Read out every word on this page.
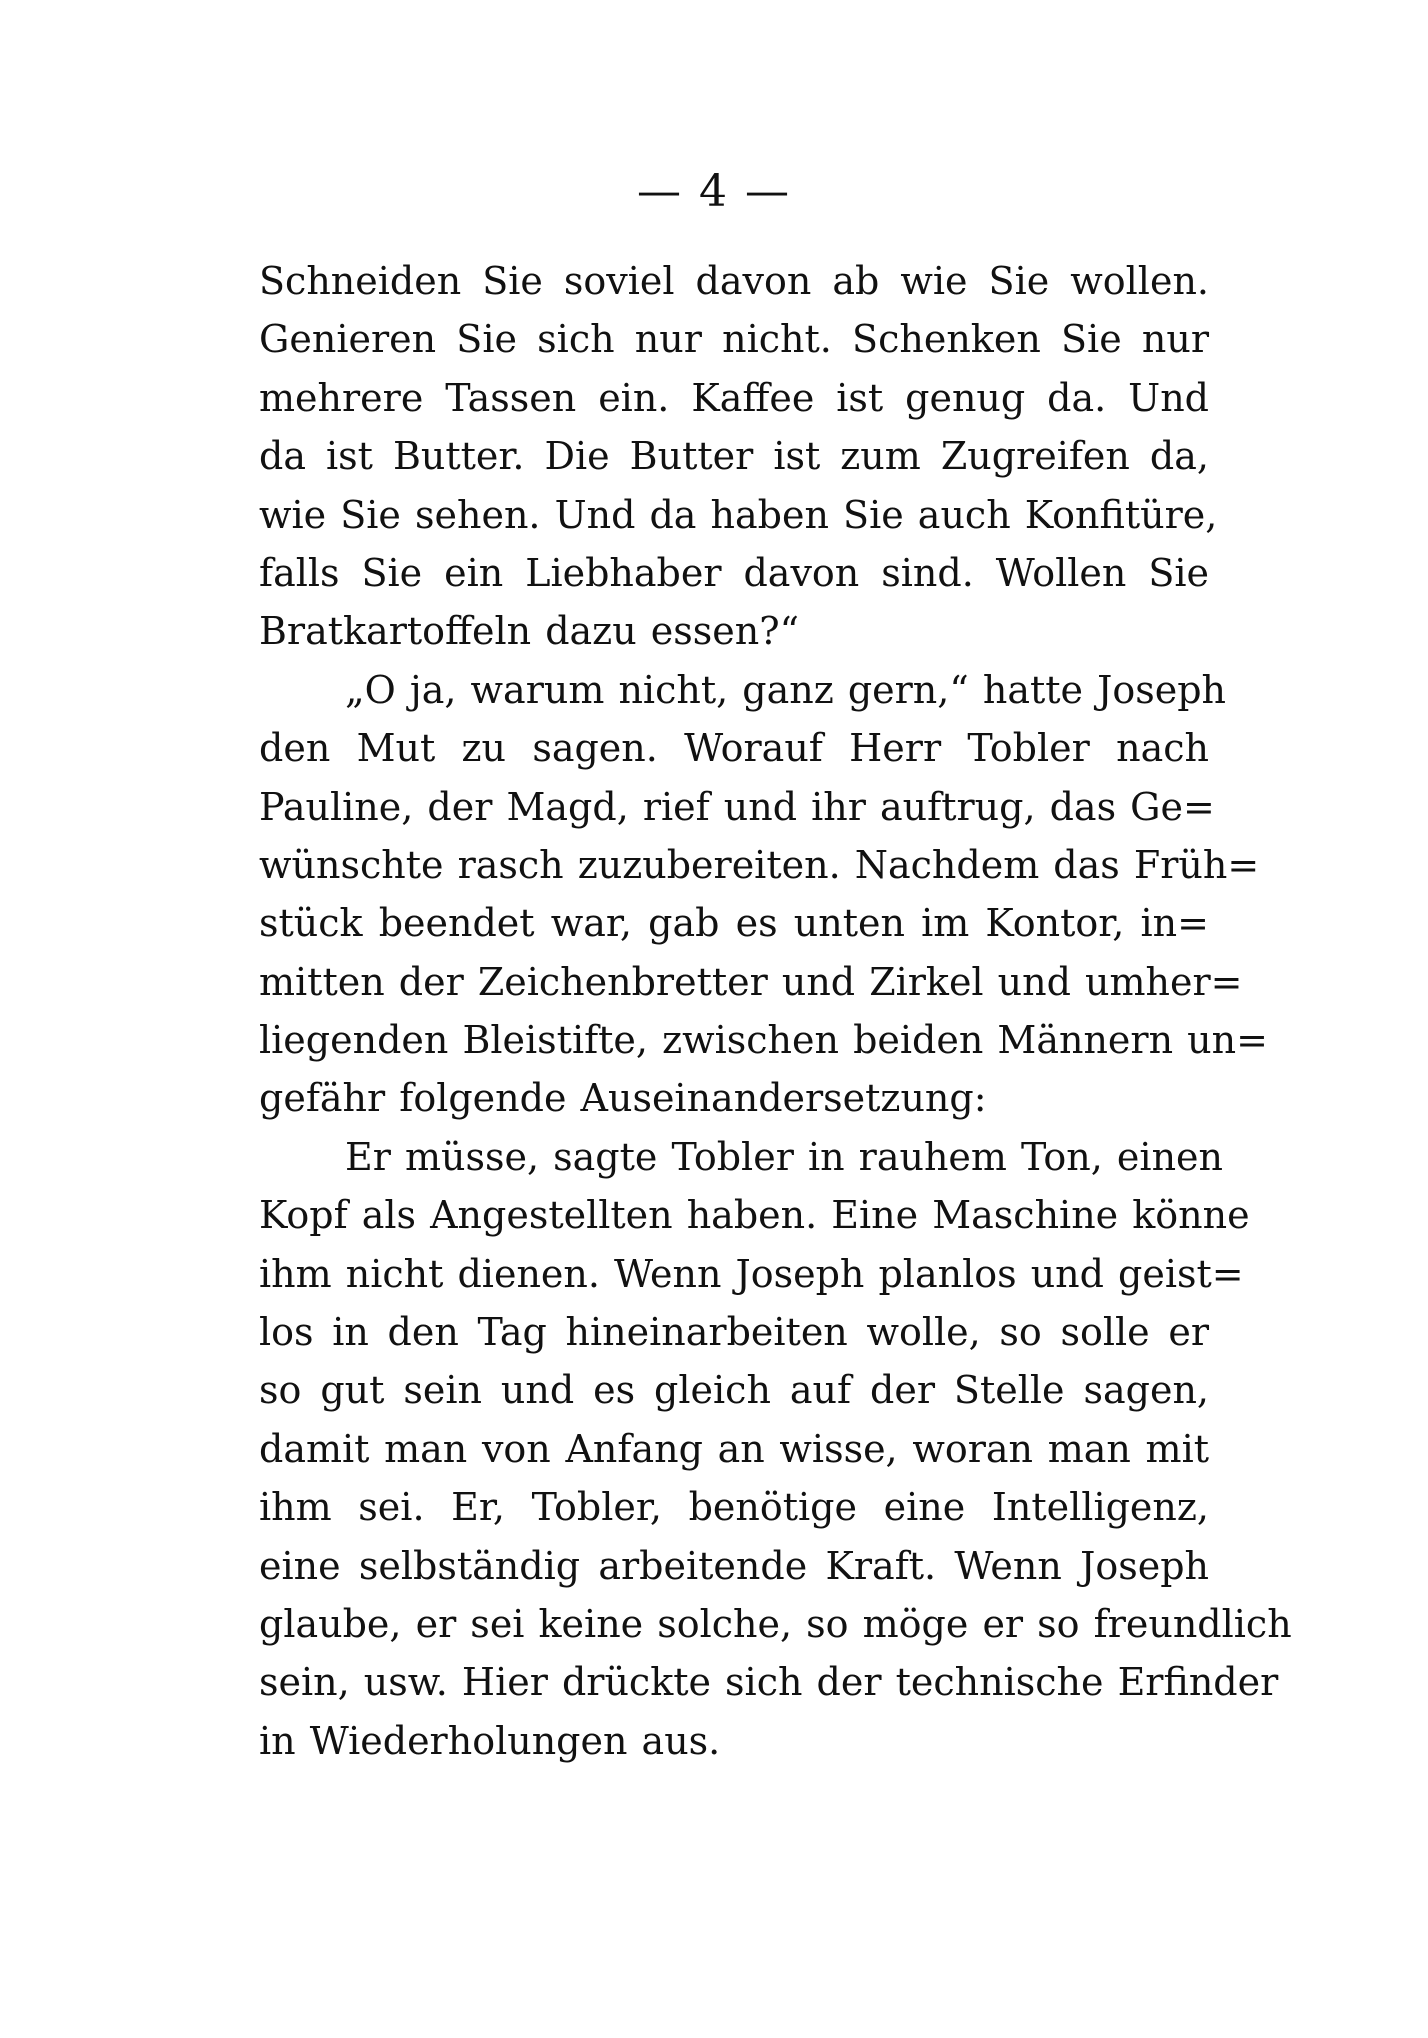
— 4 —
Schneiden Sie soviel davon ab wie Sie wollen.
Genieren Sie sich nur nicht. Schenken Sie nur
mehrere Tassen ein. Kaffee ist genug da. Und
da ist Butter. Die Butter ist zum Zugreifen da,
wie Sie sehen. Und da haben Sie auch Konfitüre,
falls Sie ein Liebhaber davon sind. Wollen Sie
Bratkartoffeln dazu essen?“
„O ja, warum nicht, ganz gern,“ hatte Joseph
den Mut zu sagen. Worauf Herr Tobler nach
Pauline, der Magd, rief und ihr auftrug, das Ge=
wünschte rasch zuzubereiten. Nachdem das Früh=
stück beendet war, gab es unten im Kontor, in=
mitten der Zeichenbretter und Zirkel und umher=
liegenden Bleistifte, zwischen beiden Männern un=
gefähr folgende Auseinandersetzung:
Er müsse, sagte Tobler in rauhem Ton, einen
Kopf als Angestellten haben. Eine Maschine könne
ihm nicht dienen. Wenn Joseph planlos und geist=
los in den Tag hineinarbeiten wolle, so solle er
so gut sein und es gleich auf der Stelle sagen,
damit man von Anfang an wisse, woran man mit
ihm sei. Er, Tobler, benötige eine Intelligenz,
eine selbständig arbeitende Kraft. Wenn Joseph
glaube, er sei keine solche, so möge er so freundlich
sein, usw. Hier drückte sich der technische Erfinder
in Wiederholungen aus.
